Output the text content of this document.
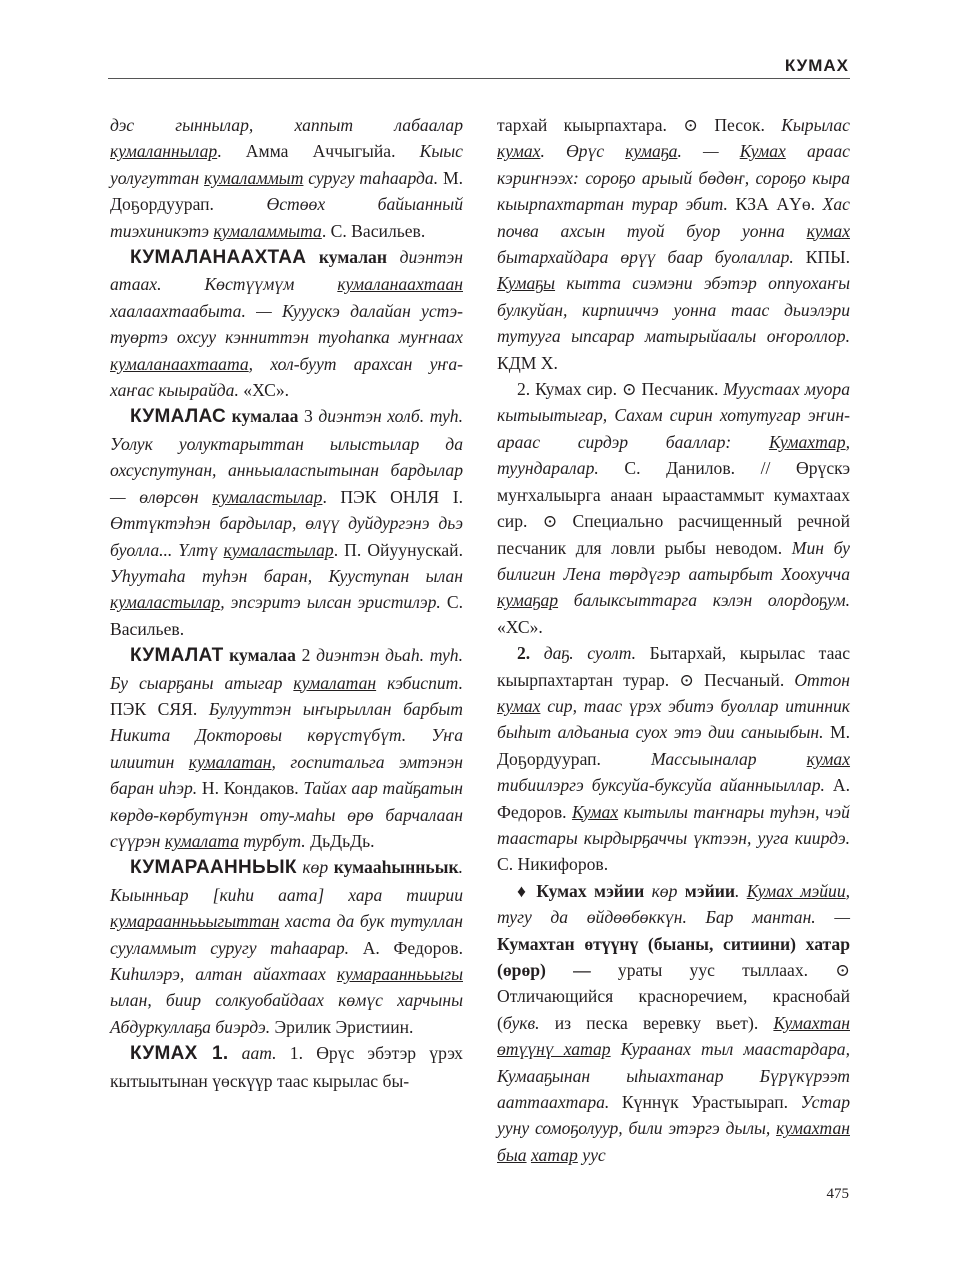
КУМАХ

дэс гыннылар, хаппыт лабаалар кумаланнылар. Амма Аччыгыйа. Кыыс уолугуттан кумаламмыт суругу таһаарда. М. Доҕордуурап. Өстөөх байыанный тиэхиникэтэ кумаламмыта. С. Васильев.

КУМАЛАНААХТАА кумалан диэнтэн атаах. Көстүүмүм кумаланаахтаан хаалаахтаабыта. — Кууускэ далайан устэ-туөртэ охсуу кэнниттэн туоһапка муҥнаах кумаланаахтаата, хол-буут арахсан уҥа-хаҥас кыырайда. «ХС».

КУМАЛАС кумалаа 3 диэнтэн холб. туһ. Уолук уолуктарыттан ылыстылар да охсуспутунан, анньыаласпытынан бардылар — өлөрсөн кумаластылар. ПЭК ОНЛЯ I. Өттүктэһэн бардылар, өлүү дуйдургэнэ дьэ буолла... Үлтү кумаластылар. П. Ойуунускай. Уһуутаһа туһэн баран, Кууступан ылан кумаластылар, эпсэритэ ылсан эристилэр. С. Васильев.

КУМАЛАТ кумалаа 2 диэнтэн дьаһ. туһ. Бу сыарҕаны атыгар кумалатан кэбиспит. ПЭК СЯЯ. Булууттэн ыҥырыллан барбыт Никита Докторовы көрүстүбүт. Уҥа илиитин кумалатан, госпитальга эмтэнэн баран иһэр. Н. Кондаков. Тайах аар тайҕатын көрдө-көрбутүнэн оту-маһы өрө барчалаан сүүрэн кумалата турбут. ДьДьДь.

КУМАРААННЬЫК көр кумааһынньык. Кыынньар [киһи аата] хара тиирии кумарааннььыгыттан хаста да бук тутуллан сууламмыт суругу таһаарар. А. Федоров. Киһилэрэ, алтан айахтаах кумарааннььыгы ылан, биир солкуобайдаах көмүс харчыны Абдуркуллаҕа биэрдэ. Эрилик Эристиин.

КУМАХ 1. аат. 1. Өрүс эбэтэр үрэх кытыытынан үөскүүр таас кырылас бы-

тархай кыырпахтара. ⊙ Песок. Кырылас кумах. Өрүс кумаҕа. — Кумах араас кэриҥнээх: сороҕо арыый бөдөҥ, сороҕо кыра кыырпахтартан турар эбит. КЗА АҮө. Хас почва ахсын туой буор уонна кумах бытархайдара өрүү баар буолаллар. КПЫ. Кумаҕы кытта сиэмэни эбэтэр оппуохаҥы булкуйан, кирпииччэ уонна таас дьиэлэри тутууга ыпсарар матырыйаалы оҥороллор. КДМ Х.

2. Кумах сир. ⊙ Песчаник. Муустаах муора кытыытыгар, Сахам сирин хотутугар эҥин-араас сирдэр бааллар: Кумахтар, туундаралар. С. Данилов. // Өрүскэ муҥхалыырга анаан ыраастаммыт кумахтаах сир. ⊙ Специально расчищенный речной песчаник для ловли рыбы неводом. Мин бу билигин Лена төрдүгэр аатырбыт Хоохучча кумаҕар балыксыттарга кэлэн олордоҕум. «ХС».

2. даҕ. суолт. Бытархай, кырылас таас кыырпахтартан турар. ⊙ Песчаный. Оттон кумах сир, таас үрэх эбитэ буоллар итинник быһыт алдьаныа суох этэ дии саныыбын. М. Доҕордуурап. Массыыналар кумах тибиилэргэ буксуйа-буксуйа айанныыллар. А. Федоров. Кумах кытылы таҥнары туһэн, чэй таастары кырдырҕаччы үктээн, ууга киирдэ. С. Никифоров.

♦ Кумах мэйии көр мэйии. Кумах мэйии, тугу да өйдөөбөккүн. Бар мантан. — Кумахтан өтүүнү (быаны, ситиини) хатар (өрөр) — ураты уус тыллаах. ⊙ Отличающийся красноречием, краснобай (букв. из песка веревку вьет). Кумахтан өтүүнү хатар Кураанах тыл маастардара, Кумааҕынан ыһыахтанар Бүрүкүрээт ааттаахтара. Күннүк Урастыырап. Устар ууну сомоҕолуур, били этэргэ дылы, кумахтан быа хатар уус

475
